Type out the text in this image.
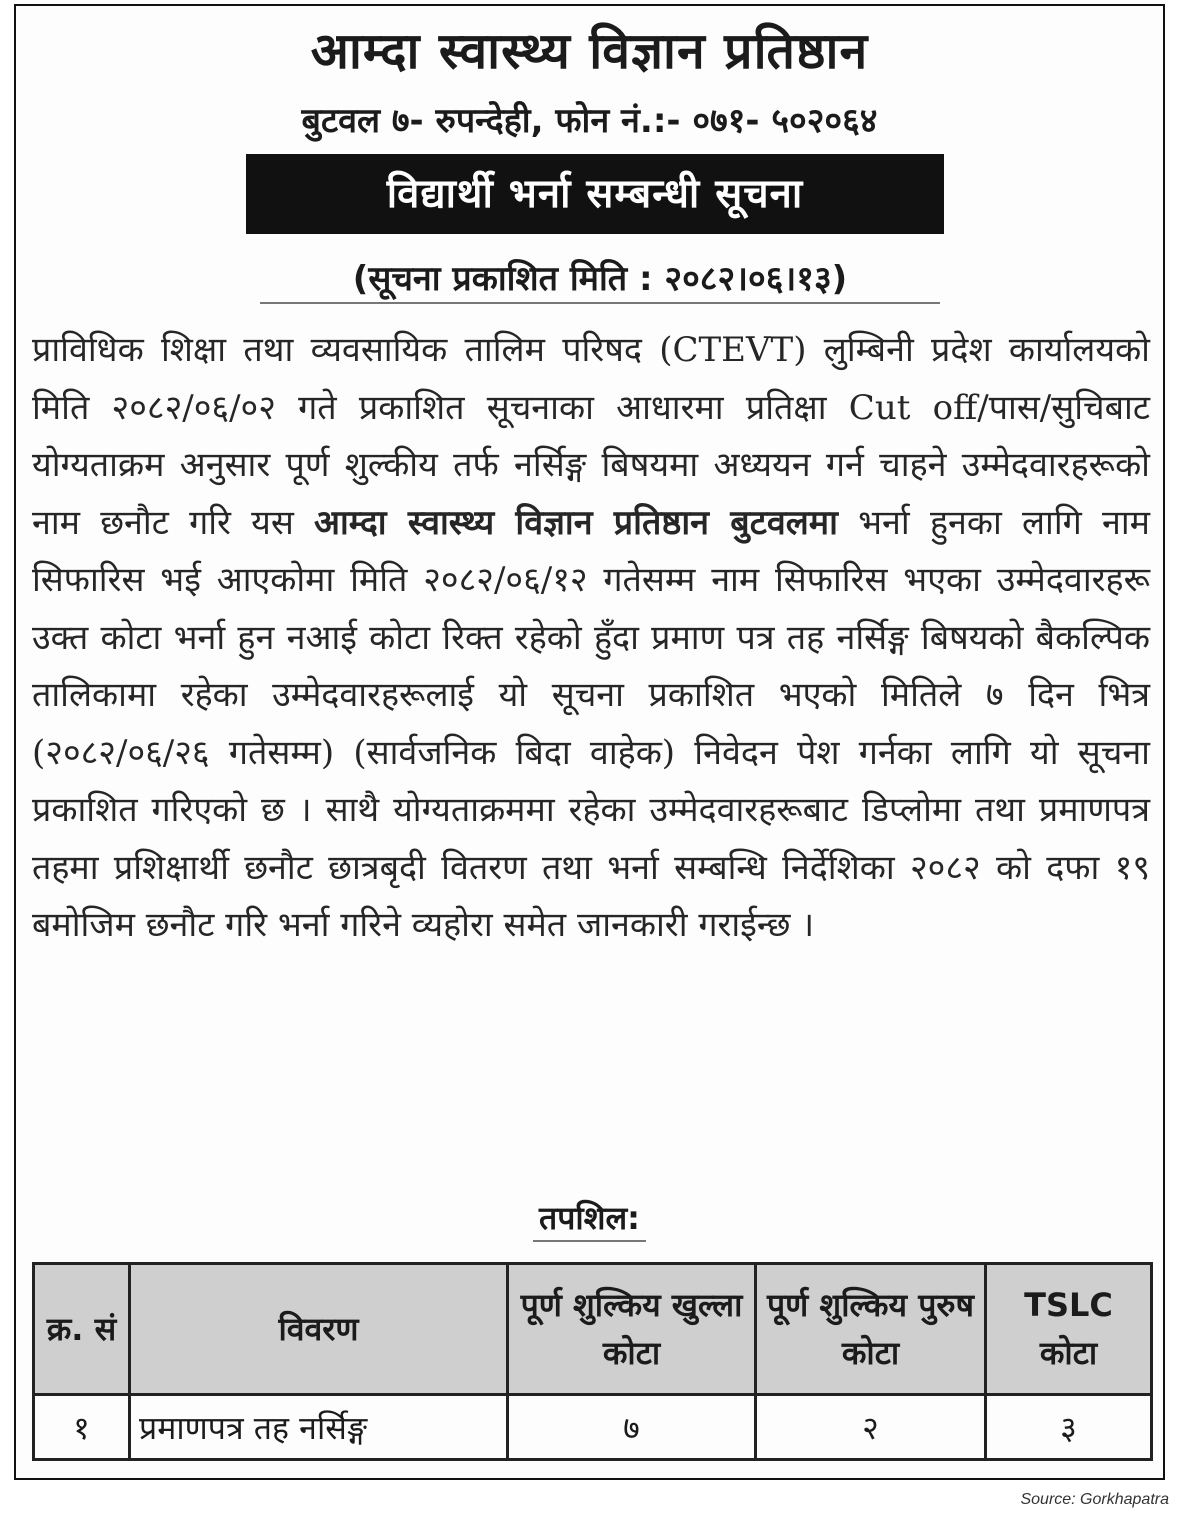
आम्दा स्वास्थ्य विज्ञान प्रतिष्ठान
बुटवल ७- रुपन्देही, फोन नं.:- ०७१- ५०२०६४
विद्यार्थी भर्ना सम्बन्धी सूचना
(सूचना प्रकाशित मिति : २०८२।०६।१३)
प्राविधिक शिक्षा तथा व्यवसायिक तालिम परिषद (CTEVT) लुम्बिनी प्रदेश कार्यालयको मिति २०८२/०६/०२ गते प्रकाशित सूचनाका आधारमा प्रतिक्षा Cut off/पास/सुचिबाट योग्यताक्रम अनुसार पूर्ण शुल्कीय तर्फ नर्सिङ्ग बिषयमा अध्ययन गर्न चाहने उम्मेदवारहरूको नाम छनौट गरि यस आम्दा स्वास्थ्य विज्ञान प्रतिष्ठान बुटवलमा भर्ना हुनका लागि नाम सिफारिस भई आएकोमा मिति २०८२/०६/१२ गतेसम्म नाम सिफारिस भएका उम्मेदवारहरू उक्त कोटा भर्ना हुन नआई कोटा रिक्त रहेको हुँदा प्रमाण पत्र तह नर्सिङ्ग बिषयको बैकल्पिक तालिकामा रहेका उम्मेदवारहरूलाई यो सूचना प्रकाशित भएको मितिले ७ दिन भित्र (२०८२/०६/२६ गतेसम्म) (सार्वजनिक बिदा वाहेक) निवेदन पेश गर्नका लागि यो सूचना प्रकाशित गरिएको छ । साथै योग्यताक्रममा रहेका उम्मेदवारहरूबाट डिप्लोमा तथा प्रमाणपत्र तहमा प्रशिक्षार्थी छनौट छात्रबृदी वितरण तथा भर्ना सम्बन्धि निर्देशिका २०८२ को दफा १९ बमोजिम छनौट गरि भर्ना गरिने व्यहोरा समेत जानकारी गराईन्छ ।
तपशिल:
क्र. सं	विवरण	पूर्ण शुल्किय खुल्ला कोटा	पूर्ण शुल्किय पुरुष कोटा	TSLC कोटा
१	प्रमाणपत्र तह नर्सिङ्ग	७	२	३
Source: Gorkhapatra
